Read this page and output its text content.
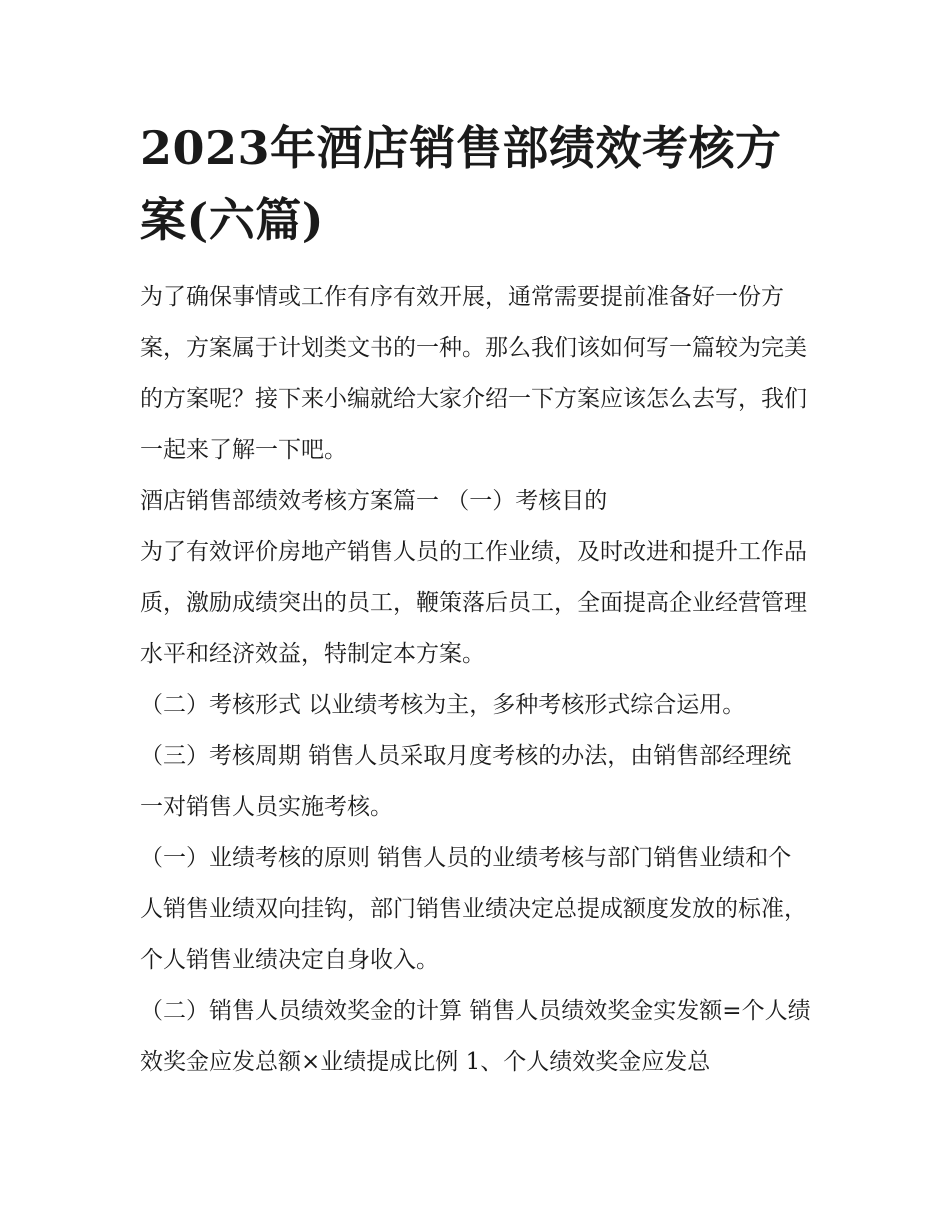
2023年酒店销售部绩效考核方案(六篇)

为了确保事情或工作有序有效开展，通常需要提前准备好一份方案，方案属于计划类文书的一种。那么我们该如何写一篇较为完美的方案呢？接下来小编就给大家介绍一下方案应该怎么去写，我们一起来了解一下吧。

酒店销售部绩效考核方案篇一 （一）考核目的

为了有效评价房地产销售人员的工作业绩，及时改进和提升工作品质，激励成绩突出的员工，鞭策落后员工，全面提高企业经营管理水平和经济效益，特制定本方案。

（二）考核形式 以业绩考核为主，多种考核形式综合运用。

（三）考核周期 销售人员采取月度考核的办法，由销售部经理统一对销售人员实施考核。

（一）业绩考核的原则 销售人员的业绩考核与部门销售业绩和个人销售业绩双向挂钩，部门销售业绩决定总提成额度发放的标准，个人销售业绩决定自身收入。

（二）销售人员绩效奖金的计算 销售人员绩效奖金实发额=个人绩效奖金应发总额×业绩提成比例 1、个人绩效奖金应发总
